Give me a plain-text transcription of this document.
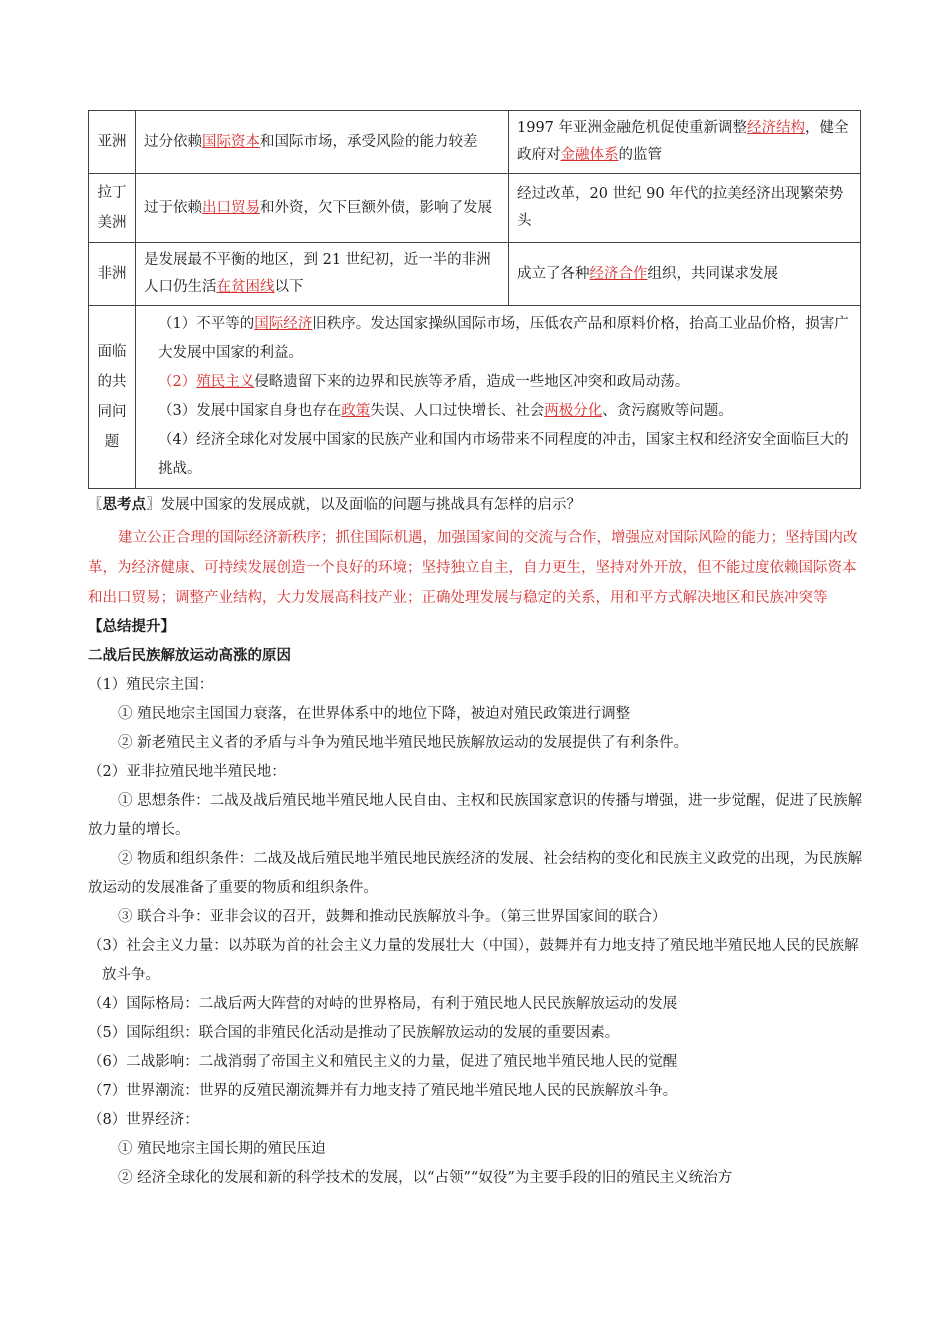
亚洲	过分依赖国际资本和国际市场，承受风险的能力较差	1997 年亚洲金融危机促使重新调整经济结构，健全政府对金融体系的监管
拉丁美洲	过于依赖出口贸易和外资，欠下巨额外债，影响了发展	经过改革，20 世纪 90 年代的拉美经济出现繁荣势头
非洲	是发展最不平衡的地区，到 21 世纪初，近一半的非洲人口仍生活在贫困线以下	成立了各种经济合作组织，共同谋求发展
面临的共同问题	（1）不平等的国际经济旧秩序。发达国家操纵国际市场，压低农产品和原料价格，抬高工业品价格，损害广大发展中国家的利益。
（2）殖民主义侵略遗留下来的边界和民族等矛盾，造成一些地区冲突和政局动荡。
（3）发展中国家自身也存在政策失误、人口过快增长、社会两极分化、贪污腐败等问题。
（4）经济全球化对发展中国家的民族产业和国内市场带来不同程度的冲击，国家主权和经济安全面临巨大的挑战。	
〖思考点〗发展中国家的发展成就，以及面临的问题与挑战具有怎样的启示？
建立公正合理的国际经济新秩序；抓住国际机遇，加强国家间的交流与合作，增强应对国际风险的能力；坚持国内改革，为经济健康、可持续发展创造一个良好的环境；坚持独立自主，自力更生，坚持对外开放，但不能过度依赖国际资本和出口贸易；调整产业结构，大力发展高科技产业；正确处理发展与稳定的关系，用和平方式解决地区和民族冲突等
【总结提升】
二战后民族解放运动高涨的原因
（1）殖民宗主国：
① 殖民地宗主国国力衰落，在世界体系中的地位下降，被迫对殖民政策进行调整
② 新老殖民主义者的矛盾与斗争为殖民地半殖民地民族解放运动的发展提供了有利条件。
（2）亚非拉殖民地半殖民地：
① 思想条件：二战及战后殖民地半殖民地人民自由、主权和民族国家意识的传播与增强，进一步觉醒，促进了民族解放力量的增长。
② 物质和组织条件：二战及战后殖民地半殖民地民族经济的发展、社会结构的变化和民族主义政党的出现，为民族解放运动的发展准备了重要的物质和组织条件。
③ 联合斗争：亚非会议的召开，鼓舞和推动民族解放斗争。（第三世界国家间的联合）
（3）社会主义力量：以苏联为首的社会主义力量的发展壮大（中国），鼓舞并有力地支持了殖民地半殖民地人民的民族解放斗争。
（4）国际格局：二战后两大阵营的对峙的世界格局，有利于殖民地人民民族解放运动的发展
（5）国际组织：联合国的非殖民化活动是推动了民族解放运动的发展的重要因素。
（6）二战影响：二战消弱了帝国主义和殖民主义的力量，促进了殖民地半殖民地人民的觉醒
（7）世界潮流：世界的反殖民潮流舞并有力地支持了殖民地半殖民地人民的民族解放斗争。
（8）世界经济：
① 殖民地宗主国长期的殖民压迫
② 经济全球化的发展和新的科学技术的发展，以“占领”“奴役”为主要手段的旧的殖民主义统治方
